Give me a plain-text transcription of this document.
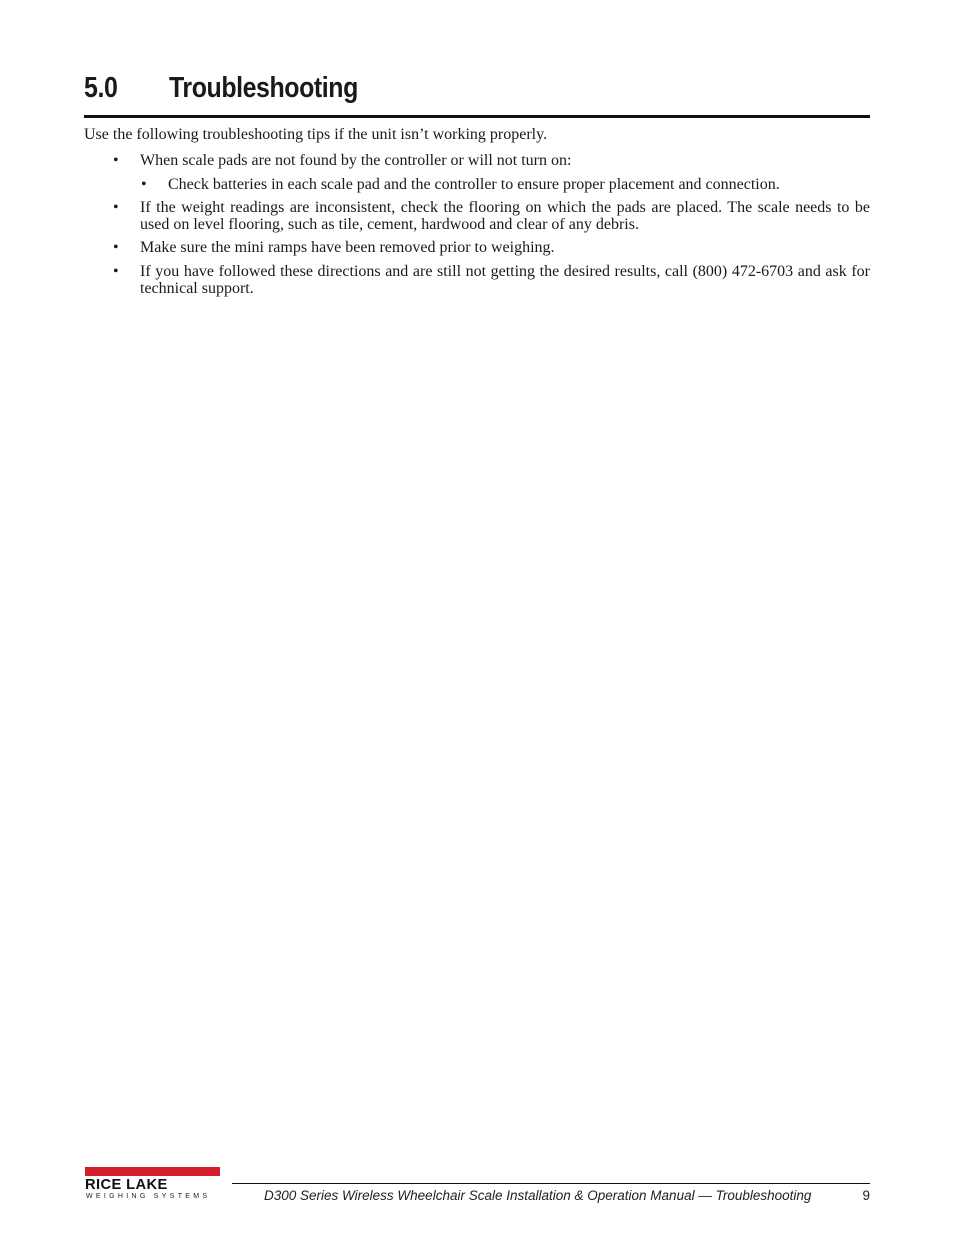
5.0 Troubleshooting
Use the following troubleshooting tips if the unit isn’t working properly.
• When scale pads are not found by the controller or will not turn on:
• Check batteries in each scale pad and the controller to ensure proper placement and connection.
• If the weight readings are inconsistent, check the flooring on which the pads are placed. The scale needs to be used on level flooring, such as tile, cement, hardwood and clear of any debris.
• Make sure the mini ramps have been removed prior to weighing.
• If you have followed these directions and are still not getting the desired results, call (800) 472-6703 and ask for technical support.
RICE LAKE
WEIGHING SYSTEMS	D300 Series Wireless Wheelchair Scale Installation & Operation Manual — Troubleshooting	9
